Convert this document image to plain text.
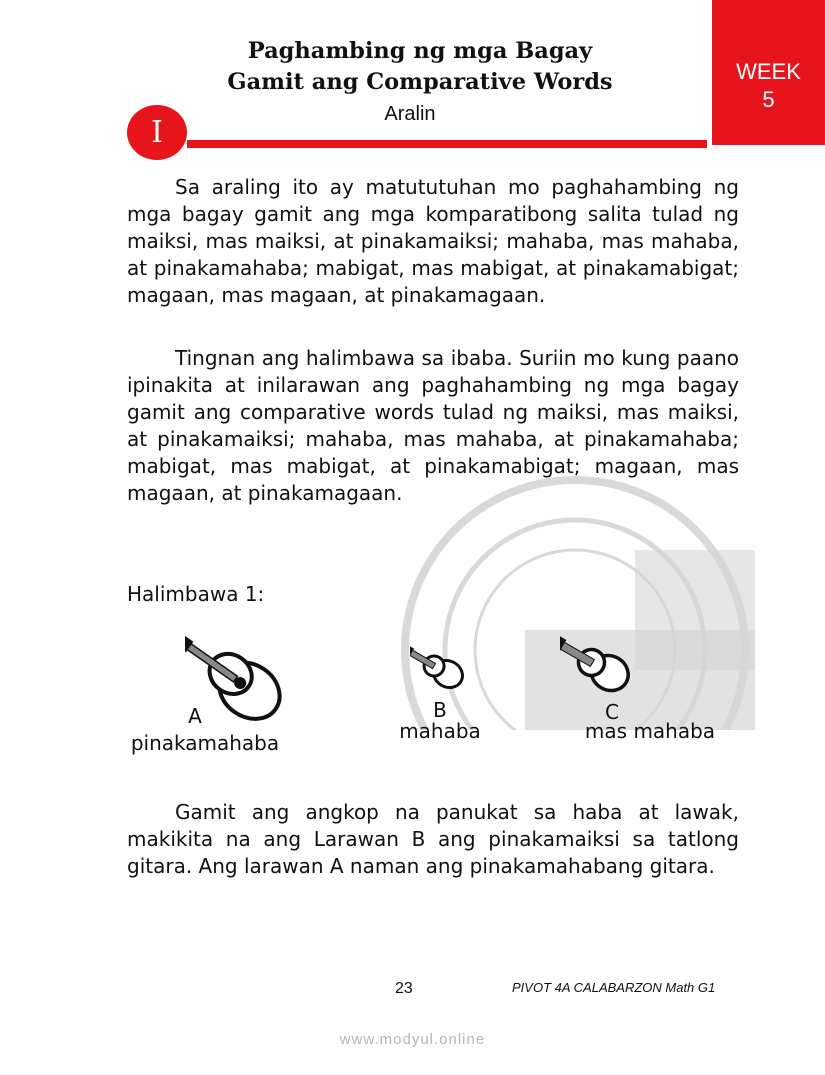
WEEK
5
Paghambing ng mga Bagay
Gamit ang Comparative Words
I
Aralin

Sa araling ito ay matututuhan mo paghahambing ng mga bagay gamit ang mga komparatibong salita tulad ng maiksi, mas maiksi, at pinakamaiksi; mahaba, mas mahaba, at pinakamahaba; mabigat, mas mabigat, at pinakamabigat; magaan, mas magaan, at pinakamagaan.

Tingnan ang halimbawa sa ibaba. Suriin mo kung paano ipinakita at inilarawan ang paghahambing ng mga bagay gamit ang comparative words tulad ng maiksi, mas maiksi, at pinakamaiksi; mahaba, mas mahaba, at pinakamahaba; mabigat, mas mabigat, at pinakamabigat; magaan, mas magaan, at pinakamagaan.

Halimbawa 1:
A
pinakamahaba
B
mahaba
C
mas mahaba

Gamit ang angkop na panukat sa haba at lawak, makikita na ang Larawan B ang pinakamaiksi sa tatlong gitara. Ang larawan A naman ang pinakamahabang gitara.

23	PIVOT 4A CALABARZON Math G1
www.modyul.online
